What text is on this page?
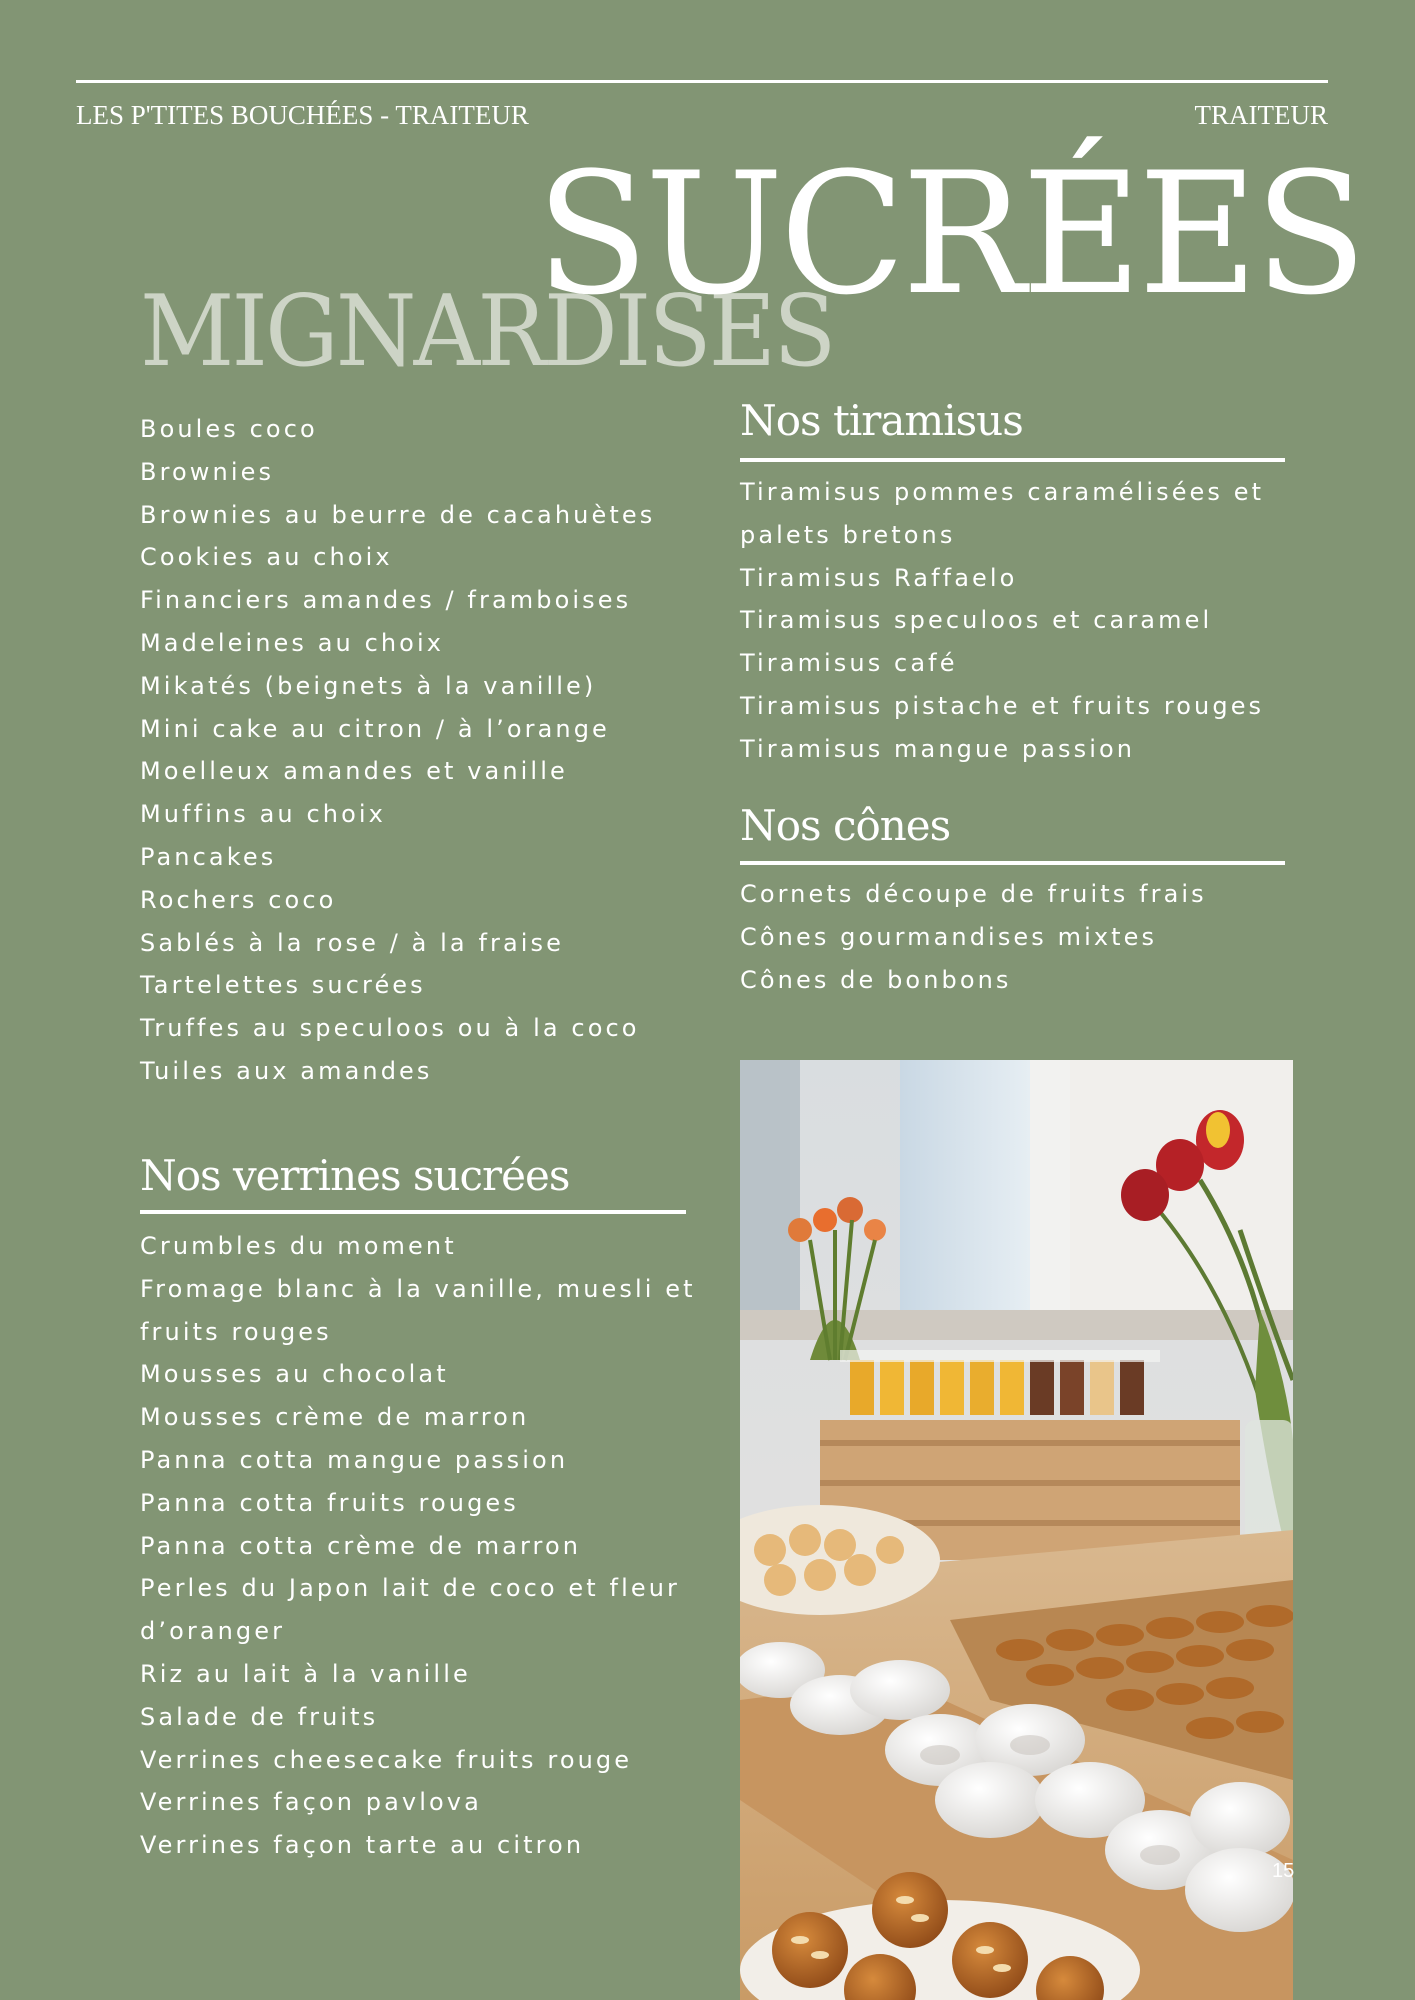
LES P'TITES BOUCHÉES - TRAITEUR	TRAITEUR
MIGNARDISES
SUCRÉES
Boules coco
Brownies
Brownies au beurre de cacahuètes
Cookies au choix
Financiers amandes / framboises
Madeleines au choix
Mikatés (beignets à la vanille)
Mini cake au citron / à l’orange
Moelleux amandes et vanille
Muffins au choix
Pancakes
Rochers coco
Sablés à la rose / à la fraise
Tartelettes sucrées
Truffes au speculoos ou à la coco
Tuiles aux amandes
Nos verrines sucrées
Crumbles du moment
Fromage blanc à la vanille, muesli et fruits rouges
Mousses au chocolat
Mousses crème de marron
Panna cotta mangue passion
Panna cotta fruits rouges
Panna cotta crème de marron
Perles du Japon lait de coco et fleur d’oranger
Riz au lait à la vanille
Salade de fruits
Verrines cheesecake fruits rouge
Verrines façon pavlova
Verrines façon tarte au citron
Nos tiramisus
Tiramisus pommes caramélisées et palets bretons
Tiramisus Raffaelo
Tiramisus speculoos et caramel
Tiramisus café
Tiramisus pistache et fruits rouges
Tiramisus mangue passion
Nos cônes
Cornets découpe de fruits frais
Cônes gourmandises mixtes
Cônes de bonbons
15
